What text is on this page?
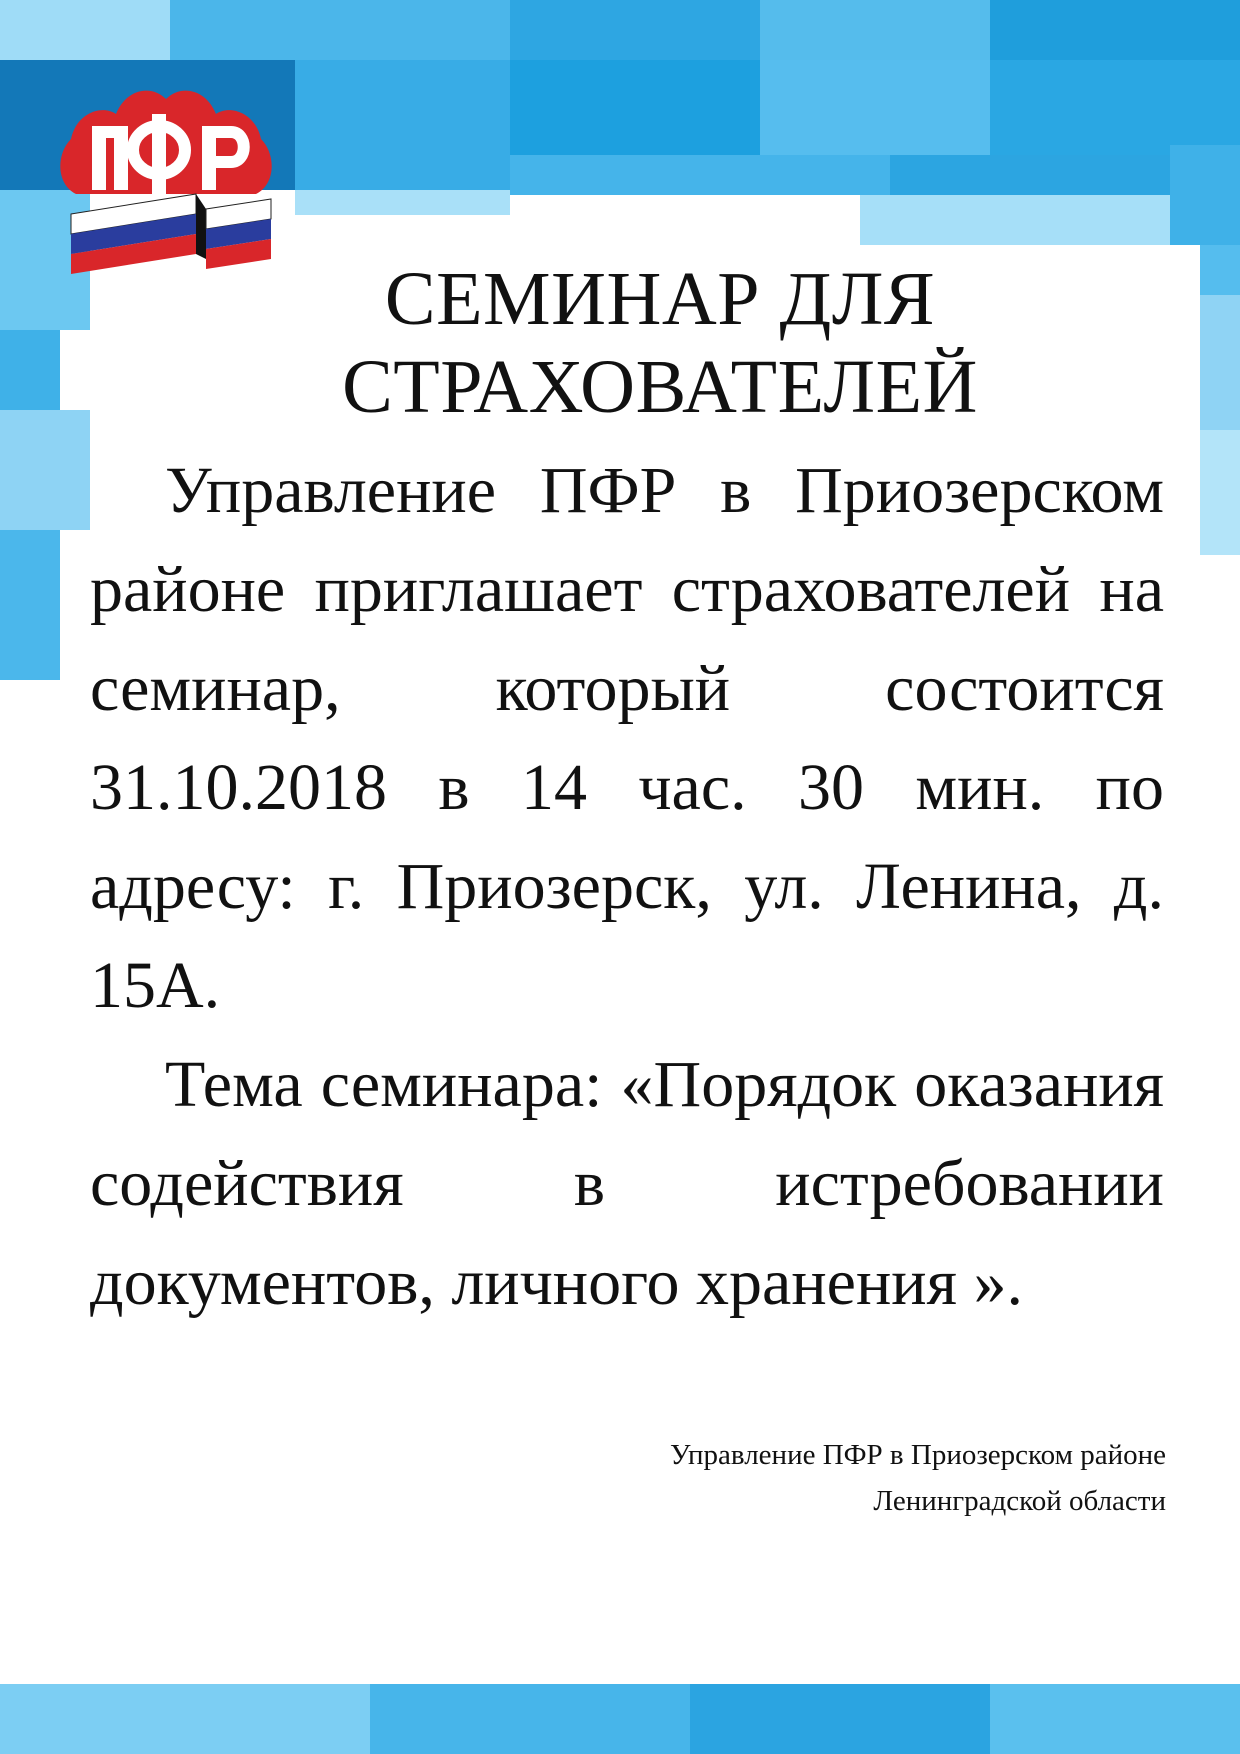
СЕМИНАР ДЛЯ
СТРАХОВАТЕЛЕЙ

Управление ПФР в Приозерском районе приглашает страхователей на семинар, который состоится 31.10.2018 в 14 час. 30 мин. по адресу: г. Приозерск, ул. Ленина, д. 15А.

Тема семинара: «Порядок оказания содействия в истребовании документов, личного хранения ».

Управление ПФР в Приозерском районе
Ленинградской области
